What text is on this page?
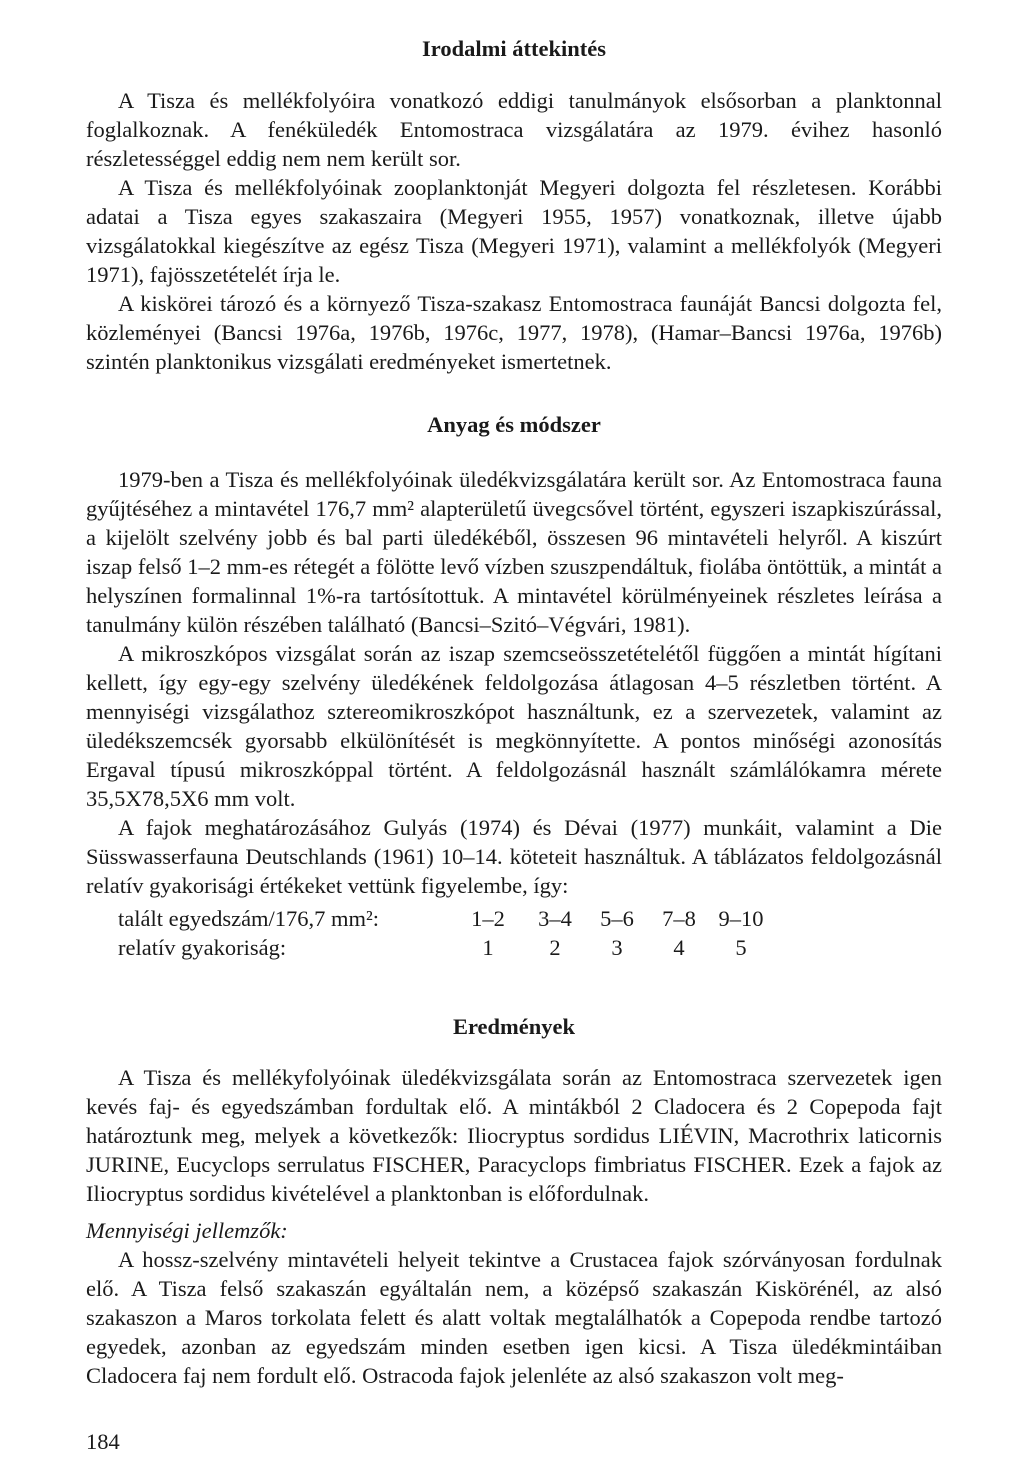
Irodalmi áttekintés

A Tisza és mellékfolyóira vonatkozó eddigi tanulmányok elsősorban a planktonnal foglalkoznak. A fenéküledék Entomostraca vizsgálatára az 1979. évihez hasonló részletességgel eddig nem nem került sor.

A Tisza és mellékfolyóinak zooplanktonját Megyeri dolgozta fel részletesen. Korábbi adatai a Tisza egyes szakaszaira (Megyeri 1955, 1957) vonatkoznak, illetve újabb vizsgálatokkal kiegészítve az egész Tisza (Megyeri 1971), valamint a mellékfolyók (Megyeri 1971), fajösszetételét írja le.

A kiskörei tározó és a környező Tisza-szakasz Entomostraca faunáját Bancsi dolgozta fel, közleményei (Bancsi 1976a, 1976b, 1976c, 1977, 1978), (Hamar–Bancsi 1976a, 1976b) szintén planktonikus vizsgálati eredményeket ismertetnek.

Anyag és módszer

1979-ben a Tisza és mellékfolyóinak üledékvizsgálatára került sor. Az Entomostraca fauna gyűjtéséhez a mintavétel 176,7 mm² alapterületű üvegcsővel történt, egyszeri iszapkiszúrással, a kijelölt szelvény jobb és bal parti üledékéből, összesen 96 mintavételi helyről. A kiszúrt iszap felső 1–2 mm-es rétegét a fölötte levő vízben szuszpendáltuk, fiolába öntöttük, a mintát a helyszínen formalinnal 1%-ra tartósítottuk. A mintavétel körülményeinek részletes leírása a tanulmány külön részében található (Bancsi–Szitó–Végvári, 1981).

A mikroszkópos vizsgálat során az iszap szemcseösszetételétől függően a mintát hígítani kellett, így egy-egy szelvény üledékének feldolgozása átlagosan 4–5 részletben történt. A mennyiségi vizsgálathoz sztereomikroszkópot használtunk, ez a szervezetek, valamint az üledékszemcsék gyorsabb elkülönítését is megkönnyítette. A pontos minőségi azonosítás Ergaval típusú mikroszkóppal történt. A feldolgozásnál használt számlálókamra mérete 35,5X78,5X6 mm volt.

A fajok meghatározásához Gulyás (1974) és Dévai (1977) munkáit, valamint a Die Süsswasserfauna Deutschlands (1961) 10–14. köteteit használtuk. A táblázatos feldolgozásnál relatív gyakorisági értékeket vettünk figyelembe, így:

talált egyedszám/176,7 mm²:	1–2	3–4	5–6	7–8	9–10
relatív gyakoriság:	1	2	3	4	5
Eredmények

A Tisza és mellékyfolyóinak üledékvizsgálata során az Entomostraca szervezetek igen kevés faj- és egyedszámban fordultak elő. A mintákból 2 Cladocera és 2 Copepoda fajt határoztunk meg, melyek a következők: Iliocryptus sordidus LIÉVIN, Macrothrix laticornis JURINE, Eucyclops serrulatus FISCHER, Paracyclops fimbriatus FISCHER. Ezek a fajok az Iliocryptus sordidus kivételével a planktonban is előfordulnak.

Mennyiségi jellemzők:

A hossz-szelvény mintavételi helyeit tekintve a Crustacea fajok szórványosan fordulnak elő. A Tisza felső szakaszán egyáltalán nem, a középső szakaszán Kiskörénél, az alsó szakaszon a Maros torkolata felett és alatt voltak megtalálhatók a Copepoda rendbe tartozó egyedek, azonban az egyedszám minden esetben igen kicsi. A Tisza üledékmintáiban Cladocera faj nem fordult elő. Ostracoda fajok jelenléte az alsó szakaszon volt meg-

184
